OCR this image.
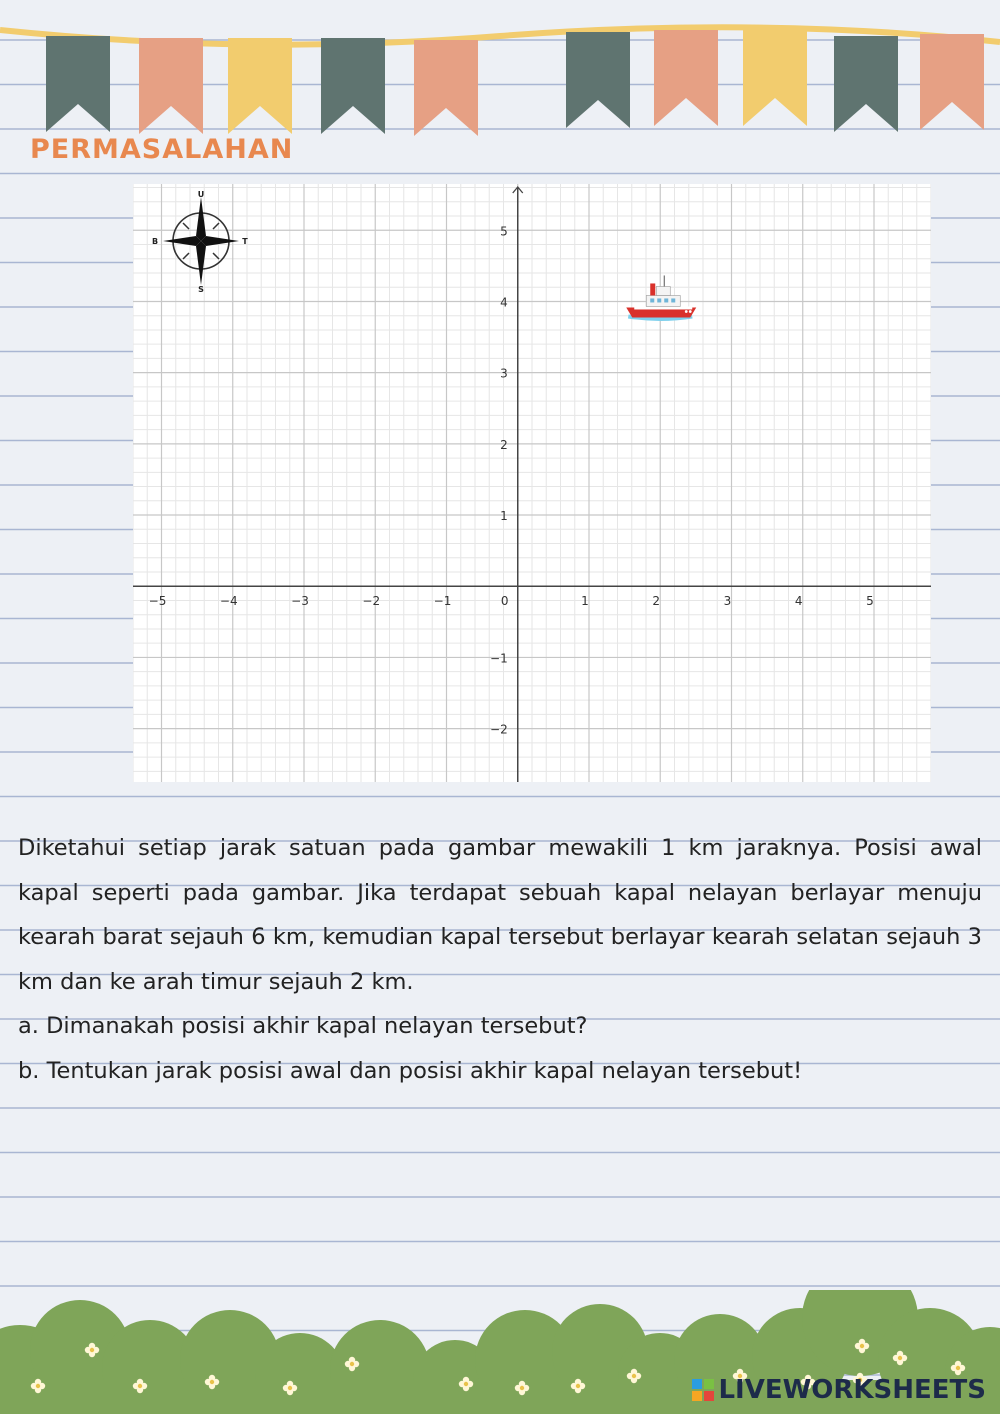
PERMASALAHAN
−5	−4	−3	−2	−1	0	1	2	3	4	5
−2
−1
1
2
3
4
5
U
S
B	T

Diketahui setiap jarak satuan pada gambar mewakili 1 km jaraknya. Posisi awal kapal seperti pada gambar. Jika terdapat sebuah kapal nelayan berlayar menuju kearah barat sejauh 6 km, kemudian kapal tersebut berlayar kearah selatan sejauh 3 km dan ke arah timur sejauh 2 km.

a. Dimanakah posisi akhir kapal nelayan tersebut?

b. Tentukan jarak posisi awal dan posisi akhir kapal nelayan tersebut!

LIVEWORKSHEETS
